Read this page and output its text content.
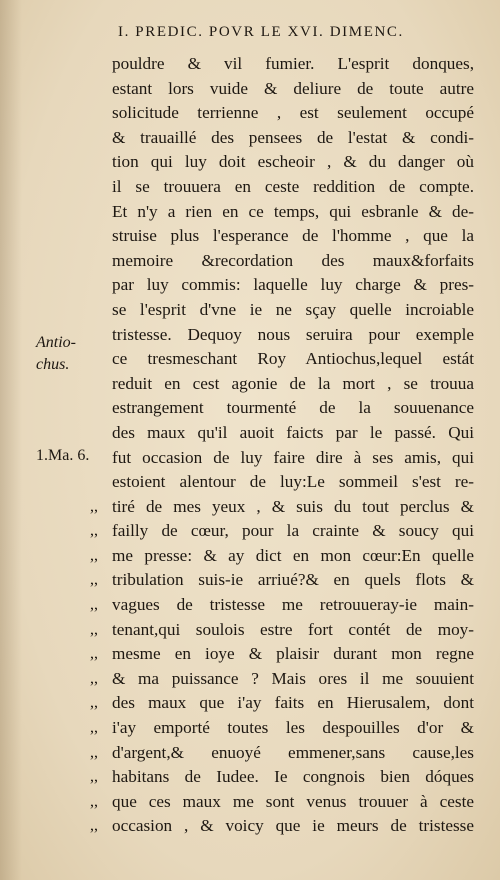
I. PREDIC. POVR LE XVI. DIMENC.
Antio-
chus.
1.Ma. 6.
pouldre & vil fumier. L'esprit donques,
estant lors vuide & deliure de toute autre
solicitude terrienne , est seulement occupé
& trauaillé des pensees de l'estat & condi-
tion qui luy doit escheoir , & du danger où
il se trouuera en ceste reddition de compte.
Et n'y a rien en ce temps, qui esbranle & de-
struise plus l'esperance de l'homme , que la
memoire &recordation des maux&forfaits
par luy commis: laquelle luy charge & pres-
se l'esprit d'vne ie ne sçay quelle incroiable
tristesse. Dequoy nous seruira pour exemple
ce tresmeschant Roy Antiochus,lequel estát
reduit en cest agonie de la mort , se trouua
estrangement tourmenté de la souuenance
des maux qu'il auoit faicts par le passé. Qui
fut occasion de luy faire dire à ses amis, qui
estoient alentour de luy:Le sommeil s'est re-
,, tiré de mes yeux , & suis du tout perclus &
,, failly de cœur, pour la crainte & soucy qui
,, me presse: & ay dict en mon cœur:En quelle
,, tribulation suis-ie arriué?& en quels flots &
,, vagues de tristesse me retrouueray-ie main-
,, tenant,qui soulois estre fort contét de moy-
,, mesme en ioye & plaisir durant mon regne
,, & ma puissance ? Mais ores il me souuient
,, des maux que i'ay faits en Hierusalem, dont
,, i'ay emporté toutes les despouilles d'or &
,, d'argent,& enuoyé emmener,sans cause,les
,, habitans de Iudee. Ie congnois bien dóques
,, que ces maux me sont venus trouuer à ceste
,, occasion , & voicy que ie meurs de tristesse
